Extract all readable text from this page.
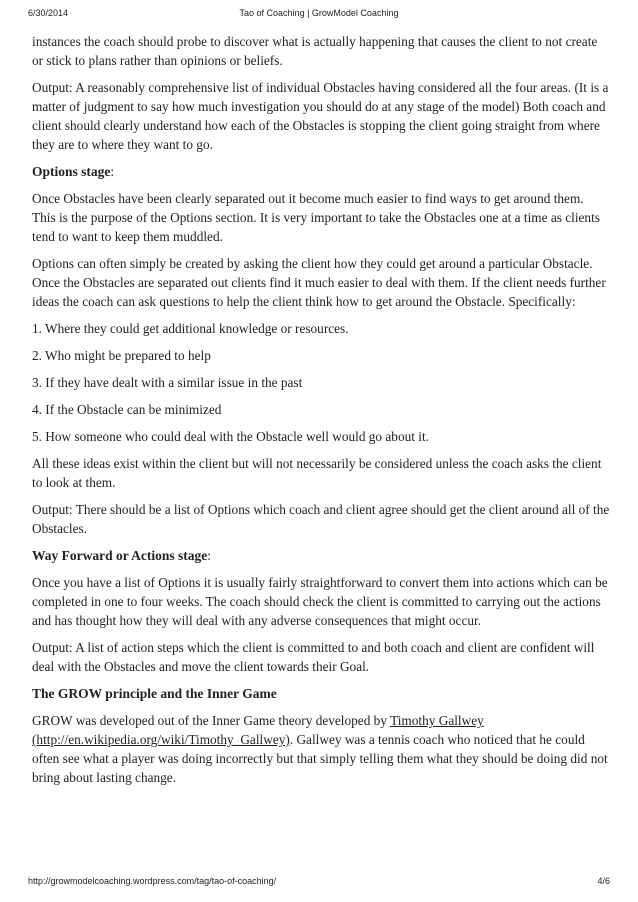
6/30/2014	Tao of Coaching | GrowModel Coaching

instances the coach should probe to discover what is actually happening that causes the client to not create or stick to plans rather than opinions or beliefs.

Output: A reasonably comprehensive list of individual Obstacles having considered all the four areas. (It is a matter of judgment to say how much investigation you should do at any stage of the model) Both coach and client should clearly understand how each of the Obstacles is stopping the client going straight from where they are to where they want to go.

Options stage:

Once Obstacles have been clearly separated out it become much easier to find ways to get around them. This is the purpose of the Options section. It is very important to take the Obstacles one at a time as clients tend to want to keep them muddled.

Options can often simply be created by asking the client how they could get around a particular Obstacle. Once the Obstacles are separated out clients find it much easier to deal with them. If the client needs further ideas the coach can ask questions to help the client think how to get around the Obstacle. Specifically:

1. Where they could get additional knowledge or resources.

2. Who might be prepared to help

3. If they have dealt with a similar issue in the past

4. If the Obstacle can be minimized

5. How someone who could deal with the Obstacle well would go about it.

All these ideas exist within the client but will not necessarily be considered unless the coach asks the client to look at them.

Output: There should be a list of Options which coach and client agree should get the client around all of the Obstacles.

Way Forward or Actions stage:

Once you have a list of Options it is usually fairly straightforward to convert them into actions which can be completed in one to four weeks. The coach should check the client is committed to carrying out the actions and has thought how they will deal with any adverse consequences that might occur.

Output: A list of action steps which the client is committed to and both coach and client are confident will deal with the Obstacles and move the client towards their Goal.

The GROW principle and the Inner Game

GROW was developed out of the Inner Game theory developed by Timothy Gallwey (http://en.wikipedia.org/wiki/Timothy_Gallwey). Gallwey was a tennis coach who noticed that he could often see what a player was doing incorrectly but that simply telling them what they should be doing did not bring about lasting change.

http://growmodelcoaching.wordpress.com/tag/tao-of-coaching/	4/6
